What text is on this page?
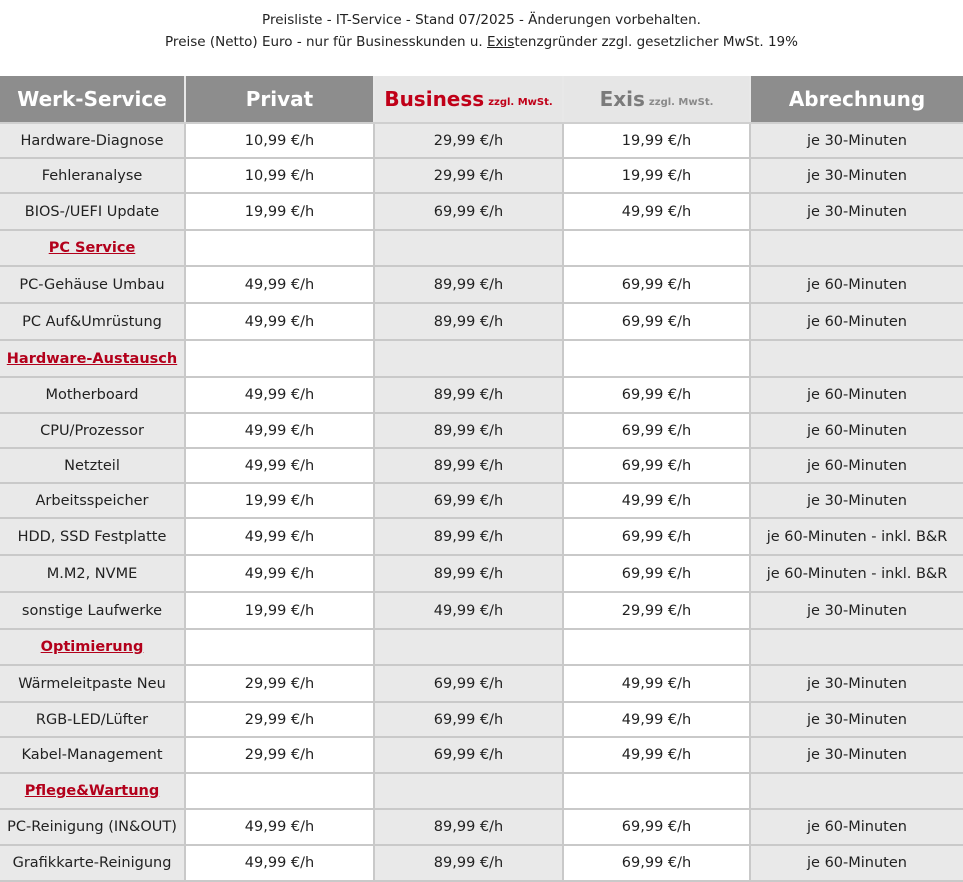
Preisliste - IT-Service - Stand 07/2025 - Änderungen vorbehalten.
Preise (Netto) Euro - nur für Businesskunden u. Existenzgründer zzgl. gesetzlicher MwSt. 19%
Werk-Service	Privat	Business zzgl. MwSt.	Exis zzgl. MwSt.	Abrechnung
Hardware-Diagnose	10,99 €/h	29,99 €/h	19,99 €/h	je 30-Minuten
Fehleranalyse	10,99 €/h	29,99 €/h	19,99 €/h	je 30-Minuten
BIOS-/UEFI Update	19,99 €/h	69,99 €/h	49,99 €/h	je 30-Minuten
PC Service				
PC-Gehäuse Umbau	49,99 €/h	89,99 €/h	69,99 €/h	je 60-Minuten
PC Auf&Umrüstung	49,99 €/h	89,99 €/h	69,99 €/h	je 60-Minuten
Hardware-Austausch				
Motherboard	49,99 €/h	89,99 €/h	69,99 €/h	je 60-Minuten
CPU/Prozessor	49,99 €/h	89,99 €/h	69,99 €/h	je 60-Minuten
Netzteil	49,99 €/h	89,99 €/h	69,99 €/h	je 60-Minuten
Arbeitsspeicher	19,99 €/h	69,99 €/h	49,99 €/h	je 30-Minuten
HDD, SSD Festplatte	49,99 €/h	89,99 €/h	69,99 €/h	je 60-Minuten - inkl. B&R
M.M2, NVME	49,99 €/h	89,99 €/h	69,99 €/h	je 60-Minuten - inkl. B&R
sonstige Laufwerke	19,99 €/h	49,99 €/h	29,99 €/h	je 30-Minuten
Optimierung				
Wärmeleitpaste Neu	29,99 €/h	69,99 €/h	49,99 €/h	je 30-Minuten
RGB-LED/Lüfter	29,99 €/h	69,99 €/h	49,99 €/h	je 30-Minuten
Kabel-Management	29,99 €/h	69,99 €/h	49,99 €/h	je 30-Minuten
Pflege&Wartung				
PC-Reinigung (IN&OUT)	49,99 €/h	89,99 €/h	69,99 €/h	je 60-Minuten
Grafikkarte-Reinigung	49,99 €/h	89,99 €/h	69,99 €/h	je 60-Minuten
